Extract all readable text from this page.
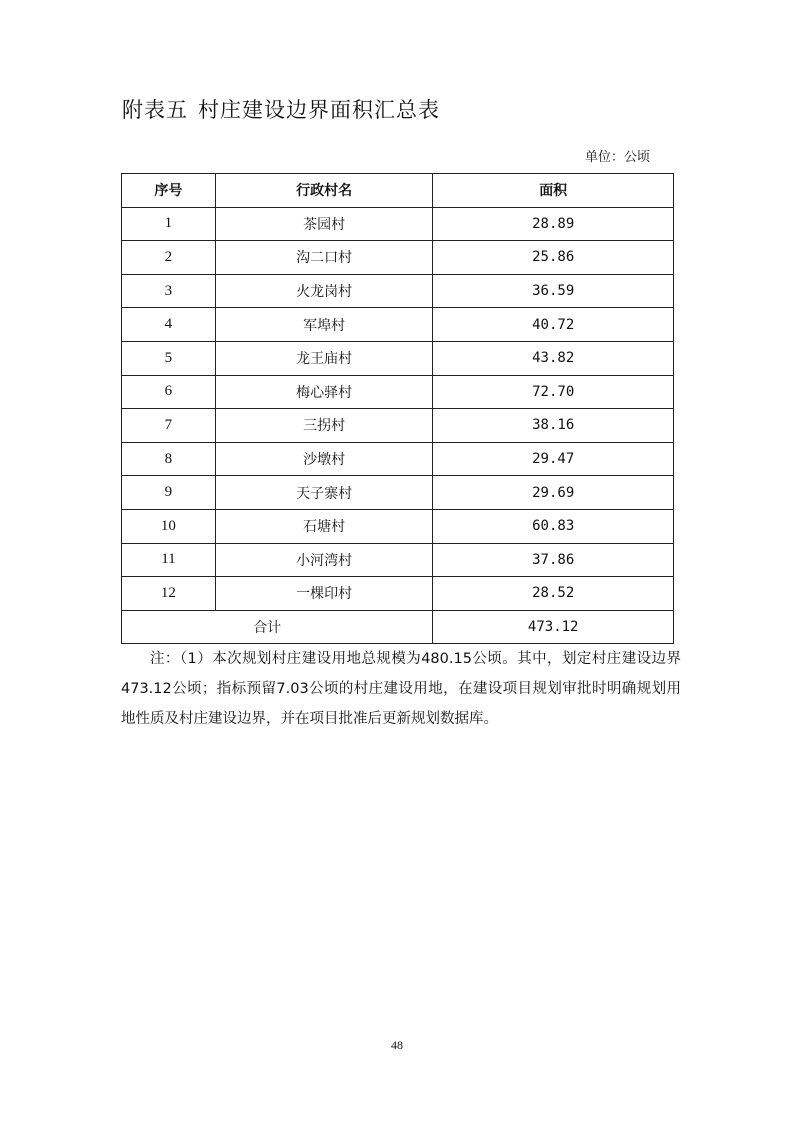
附表五 村庄建设边界面积汇总表
单位：公顷
序号	行政村名	面积
1	茶园村	28.89
2	沟二口村	25.86
3	火龙岗村	36.59
4	军埠村	40.72
5	龙王庙村	43.82
6	梅心驿村	72.70
7	三拐村	38.16
8	沙墩村	29.47
9	天子寨村	29.69
10	石塘村	60.83
11	小河湾村	37.86
12	一棵印村	28.52
合计		473.12
注：（1）本次规划村庄建设用地总规模为480.15公顷。其中，划定村庄建设边界473.12公顷；指标预留7.03公顷的村庄建设用地，在建设项目规划审批时明确规划用地性质及村庄建设边界，并在项目批准后更新规划数据库。
48
